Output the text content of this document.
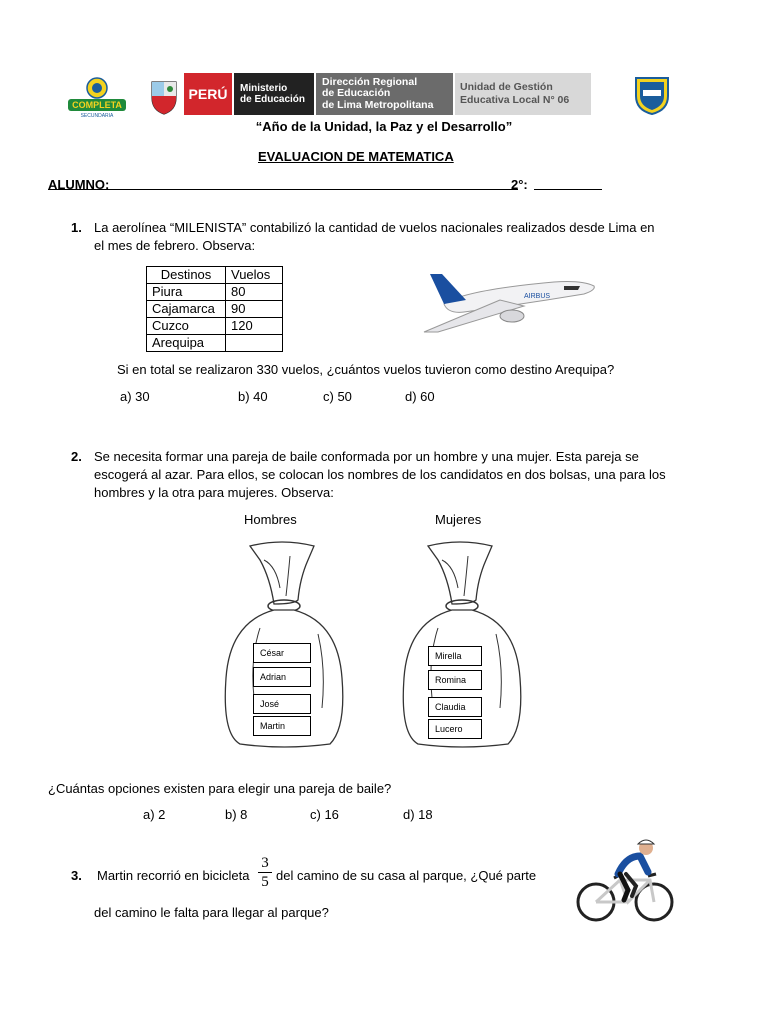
COMPLETA
SECUNDARIA
PERÚ	Ministerio
de Educación
Dirección Regional
de Educación
de Lima Metropolitana
Unidad de Gestión
Educativa Local N° 06
“Año de la Unidad, la Paz y el Desarrollo”
EVALUACION DE MATEMATICA
ALUMNO:	2°:
1. La aerolínea “MILENISTA” contabilizó la cantidad de vuelos nacionales realizados desde Lima en
el mes de febrero. Observa:
Destinos	Vuelos
Piura	80
Cajamarca	90
Cuzco	120
Arequipa	
AIRBUS
Si en total se realizaron 330 vuelos, ¿cuántos vuelos tuvieron como destino Arequipa?
a) 30	b) 40	c) 50	d) 60
2. Se necesita formar una pareja de baile conformada por un hombre y una mujer. Esta pareja se
escogerá al azar. Para ellos, se colocan los nombres de los candidatos en dos bolsas, una para los
hombres y la otra para mujeres. Observa:
Hombres	Mujeres
César
Adrian
José
Martin
Mirella
Romina
Claudia
Lucero
¿Cuántas opciones existen para elegir una pareja de baile?
a) 2	b) 8	c) 16	d) 18
3. Martin recorrió en bicicleta
3
5 del camino de su casa al parque, ¿Qué parte
del camino le falta para llegar al parque?
